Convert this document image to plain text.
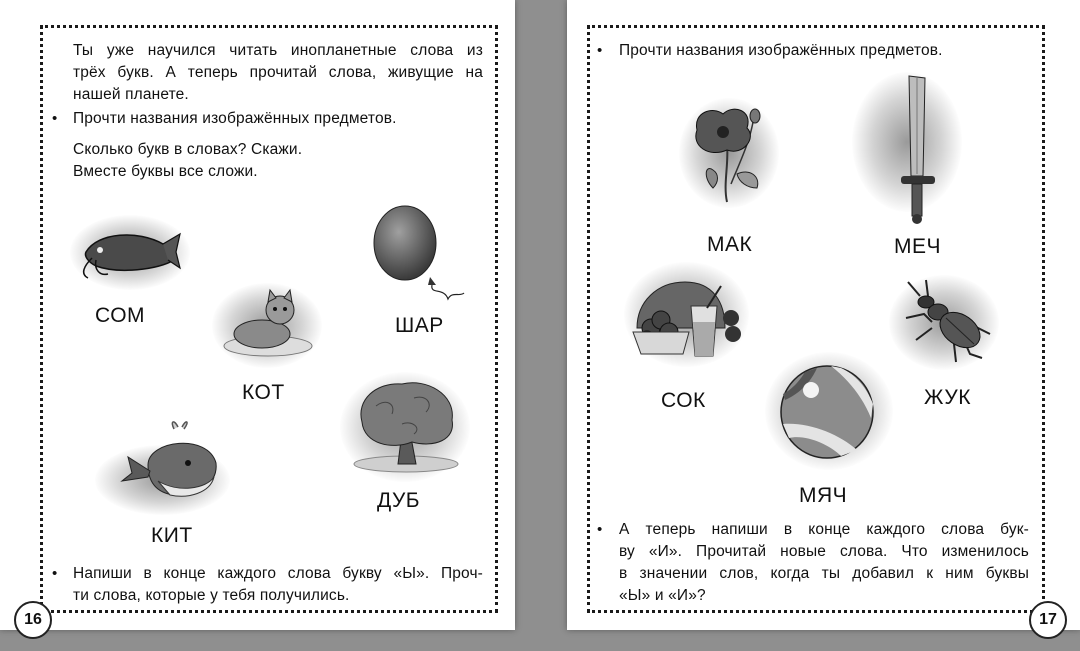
Ты уже научился читать инопланетные слова из
трёх букв. А теперь прочитай слова, живущие на
нашей планете.
• Прочти названия изображённых предметов.
Сколько букв в словах? Скажи.
Вместе буквы все сложи.
СОМ
КОТ
ШАР
КИТ
ДУБ
• Напиши в конце каждого слова букву «Ы». Проч-
ти слова, которые у тебя получились.
16
• Прочти названия изображённых предметов.
МАК	МЕЧ
СОК	ЖУК
МЯЧ
• А теперь напиши в конце каждого слова бук-
ву «И». Прочитай новые слова. Что изменилось
в значении слов, когда ты добавил к ним буквы
«Ы» и «И»?
17
